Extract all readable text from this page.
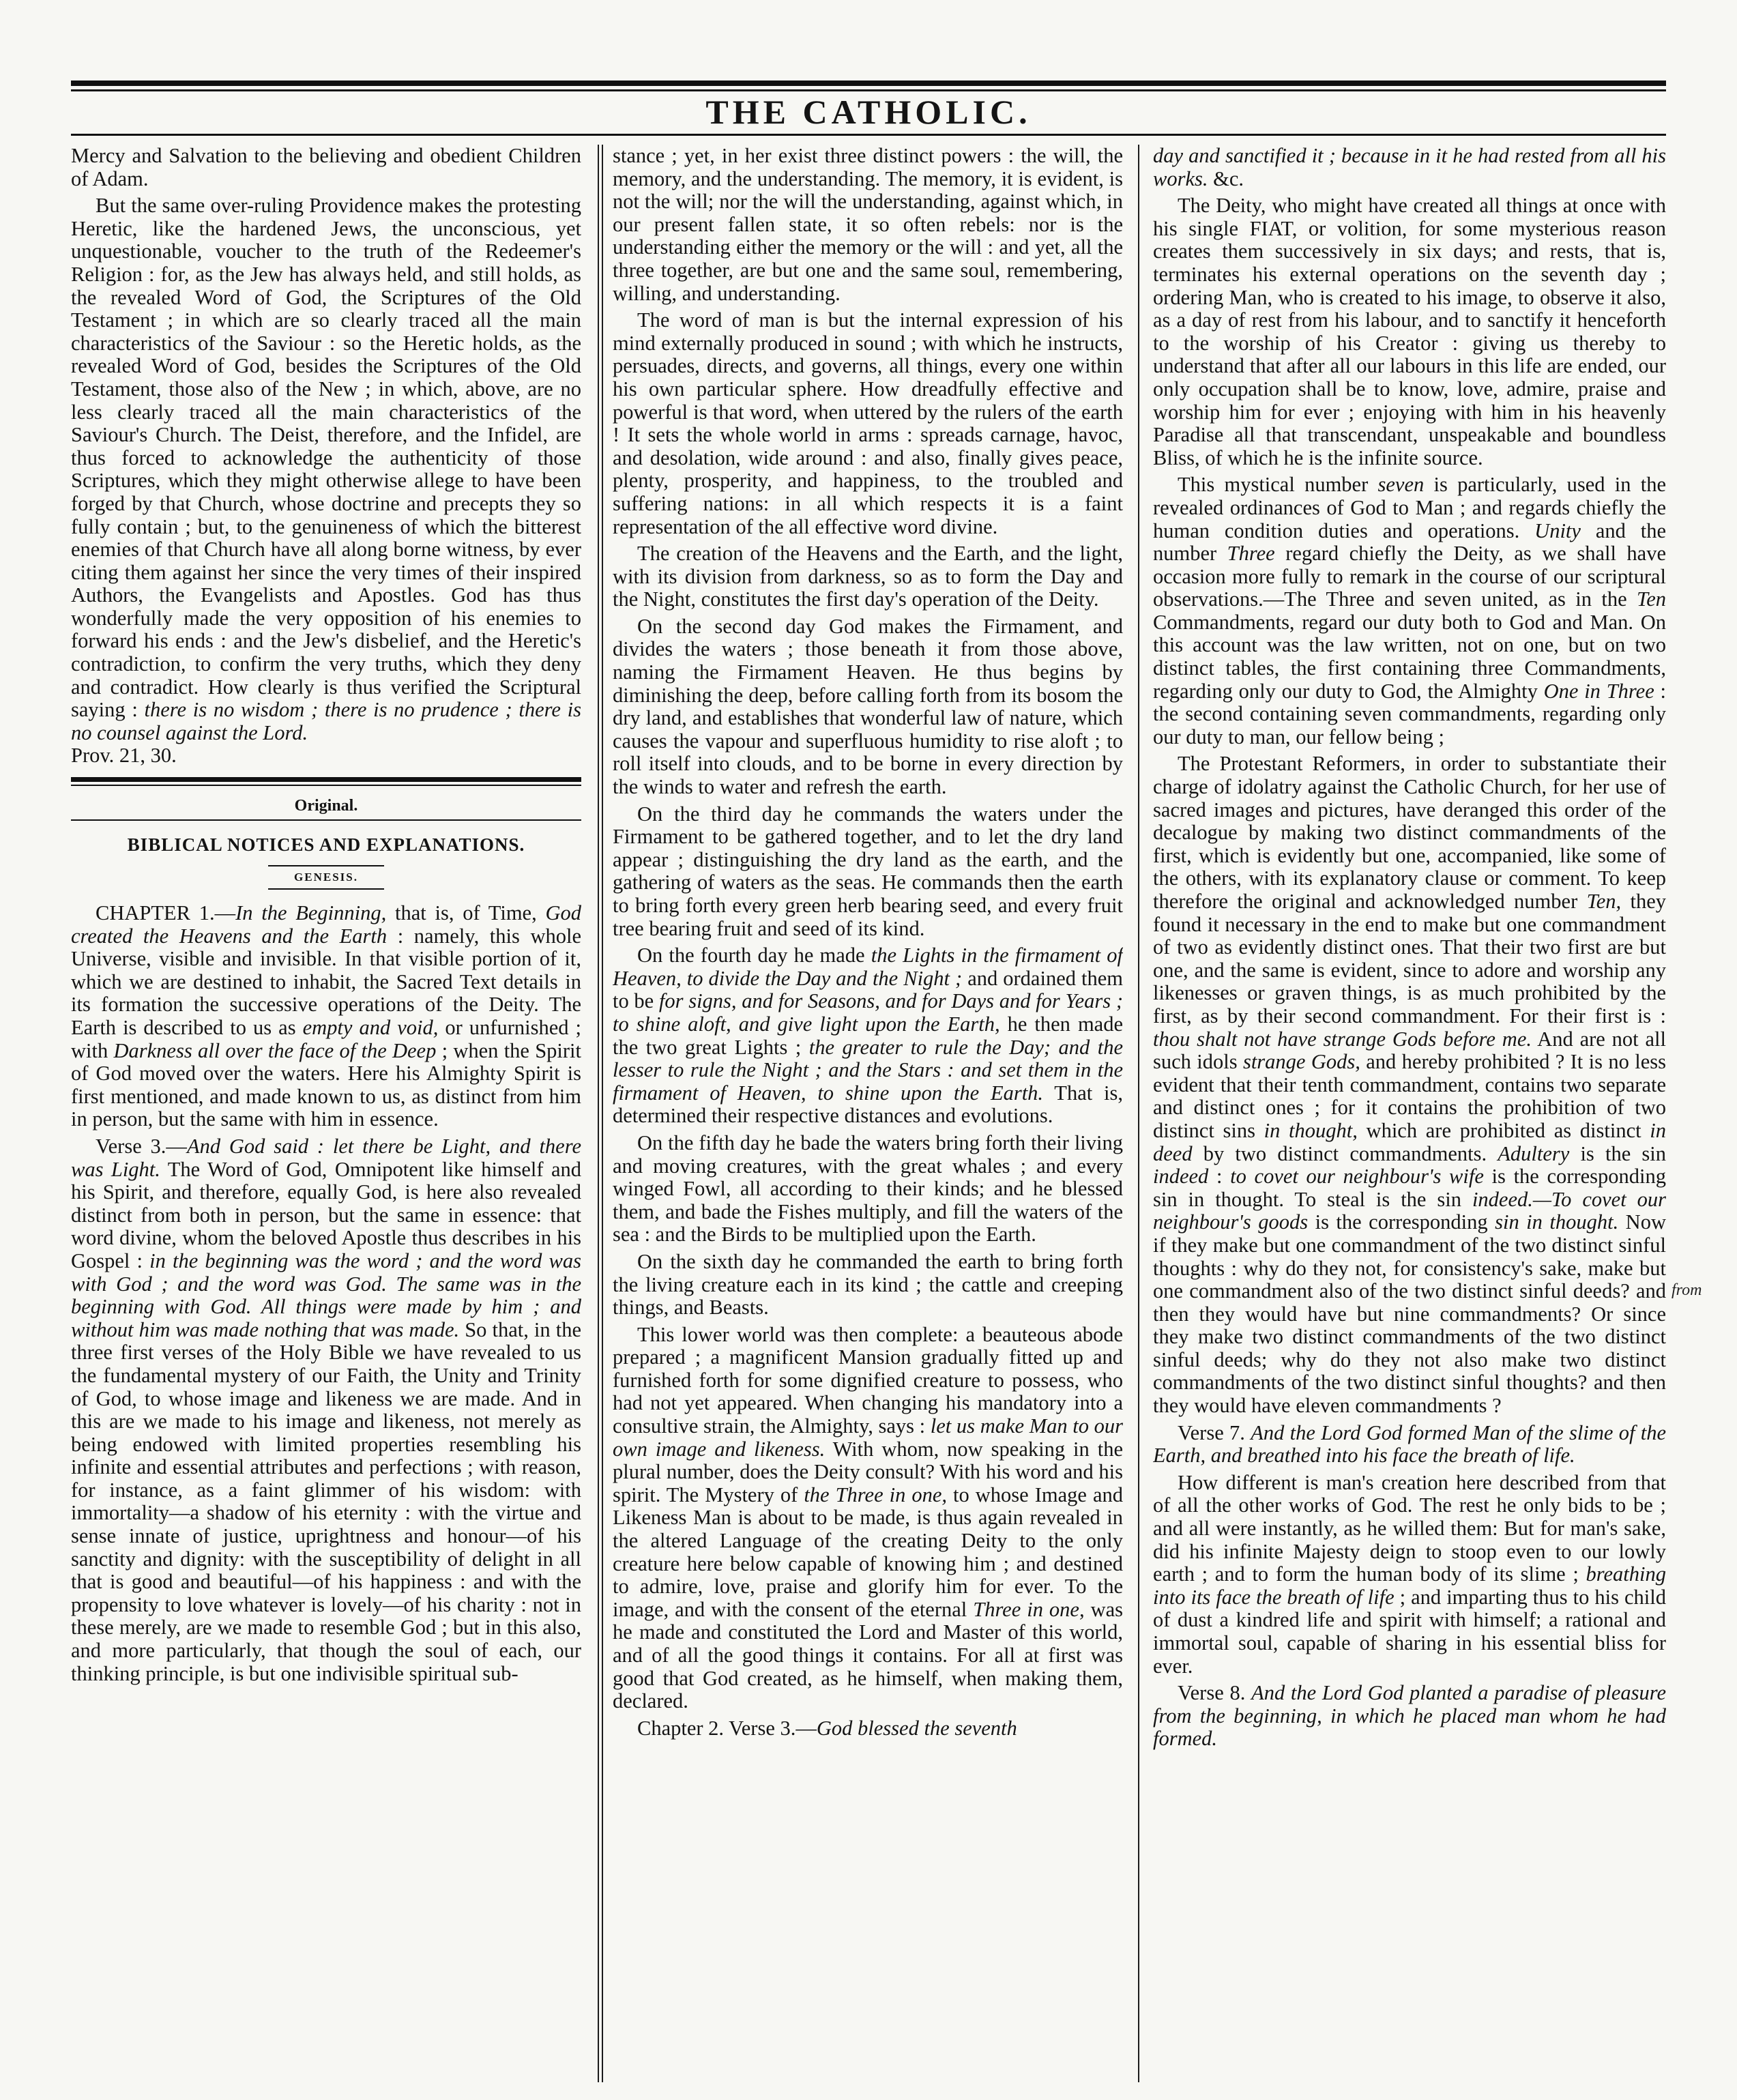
THE CATHOLIC.

Mercy and Salvation to the believing and obedient Children of Adam.

But the same over-ruling Providence makes the protesting Heretic, like the hardened Jews, the unconscious, yet unquestionable, voucher to the truth of the Redeemer's Religion : for, as the Jew has always held, and still holds, as the revealed Word of God, the Scriptures of the Old Testament ; in which are so clearly traced all the main characteristics of the Saviour : so the Heretic holds, as the revealed Word of God, besides the Scriptures of the Old Testament, those also of the New ; in which, above, are no less clearly traced all the main characteristics of the Saviour's Church. The Deist, therefore, and the Infidel, are thus forced to acknowledge the authenticity of those Scriptures, which they might otherwise allege to have been forged by that Church, whose doctrine and precepts they so fully contain ; but, to the genuineness of which the bitterest enemies of that Church have all along borne witness, by ever citing them against her since the very times of their inspired Authors, the Evangelists and Apostles. God has thus wonderfully made the very opposition of his enemies to forward his ends : and the Jew's disbelief, and the Heretic's contradiction, to confirm the very truths, which they deny and contradict. How clearly is thus verified the Scriptural saying : there is no wisdom ; there is no prudence ; there is no counsel against the Lord.
Prov. 21, 30.

Original.
BIBLICAL NOTICES AND EXPLANATIONS.
GENESIS.

CHAPTER 1.—In the Beginning, that is, of Time, God created the Heavens and the Earth : namely, this whole Universe, visible and invisible. In that visible portion of it, which we are destined to inhabit, the Sacred Text details in its formation the successive operations of the Deity. The Earth is described to us as empty and void, or unfurnished ; with Darkness all over the face of the Deep ; when the Spirit of God moved over the waters. Here his Almighty Spirit is first mentioned, and made known to us, as distinct from him in person, but the same with him in essence.

Verse 3.—And God said : let there be Light, and there was Light. The Word of God, Omnipotent like himself and his Spirit, and therefore, equally God, is here also revealed distinct from both in person, but the same in essence: that word divine, whom the beloved Apostle thus describes in his Gospel : in the beginning was the word ; and the word was with God ; and the word was God. The same was in the beginning with God. All things were made by him ; and without him was made nothing that was made. So that, in the three first verses of the Holy Bible we have revealed to us the fundamental mystery of our Faith, the Unity and Trinity of God, to whose image and likeness we are made. And in this are we made to his image and likeness, not merely as being endowed with limited properties resembling his infinite and essential attributes and perfections ; with reason, for instance, as a faint glimmer of his wisdom: with immortality—a shadow of his eternity : with the virtue and sense innate of justice, uprightness and honour—of his sanctity and dignity: with the susceptibility of delight in all that is good and beautiful—of his happiness : and with the propensity to love whatever is lovely—of his charity : not in these merely, are we made to resemble God ; but in this also, and more particularly, that though the soul of each, our thinking principle, is but one indivisible spiritual sub-

stance ; yet, in her exist three distinct powers : the will, the memory, and the understanding. The memory, it is evident, is not the will; nor the will the understanding, against which, in our present fallen state, it so often rebels: nor is the understanding either the memory or the will : and yet, all the three together, are but one and the same soul, remembering, willing, and understanding.

The word of man is but the internal expression of his mind externally produced in sound ; with which he instructs, persuades, directs, and governs, all things, every one within his own particular sphere. How dreadfully effective and powerful is that word, when uttered by the rulers of the earth ! It sets the whole world in arms : spreads carnage, havoc, and desolation, wide around : and also, finally gives peace, plenty, prosperity, and happiness, to the troubled and suffering nations: in all which respects it is a faint representation of the all effective word divine.

The creation of the Heavens and the Earth, and the light, with its division from darkness, so as to form the Day and the Night, constitutes the first day's operation of the Deity.

On the second day God makes the Firmament, and divides the waters ; those beneath it from those above, naming the Firmament Heaven. He thus begins by diminishing the deep, before calling forth from its bosom the dry land, and establishes that wonderful law of nature, which causes the vapour and superfluous humidity to rise aloft ; to roll itself into clouds, and to be borne in every direction by the winds to water and refresh the earth.

On the third day he commands the waters under the Firmament to be gathered together, and to let the dry land appear ; distinguishing the dry land as the earth, and the gathering of waters as the seas. He commands then the earth to bring forth every green herb bearing seed, and every fruit tree bearing fruit and seed of its kind.

On the fourth day he made the Lights in the firmament of Heaven, to divide the Day and the Night ; and ordained them to be for signs, and for Seasons, and for Days and for Years ; to shine aloft, and give light upon the Earth, he then made the two great Lights ; the greater to rule the Day; and the lesser to rule the Night ; and the Stars : and set them in the firmament of Heaven, to shine upon the Earth. That is, determined their respective distances and evolutions.

On the fifth day he bade the waters bring forth their living and moving creatures, with the great whales ; and every winged Fowl, all according to their kinds; and he blessed them, and bade the Fishes multiply, and fill the waters of the sea : and the Birds to be multiplied upon the Earth.

On the sixth day he commanded the earth to bring forth the living creature each in its kind ; the cattle and creeping things, and Beasts.

This lower world was then complete: a beauteous abode prepared ; a magnificent Mansion gradually fitted up and furnished forth for some dignified creature to possess, who had not yet appeared. When changing his mandatory into a consultive strain, the Almighty, says : let us make Man to our own image and likeness. With whom, now speaking in the plural number, does the Deity consult? With his word and his spirit. The Mystery of the Three in one, to whose Image and Likeness Man is about to be made, is thus again revealed in the altered Language of the creating Deity to the only creature here below capable of knowing him ; and destined to admire, love, praise and glorify him for ever. To the image, and with the consent of the eternal Three in one, was he made and constituted the Lord and Master of this world, and of all the good things it contains. For all at first was good that God created, as he himself, when making them, declared.

Chapter 2. Verse 3.—God blessed the seventh

day and sanctified it ; because in it he had rested from all his works. &c.

The Deity, who might have created all things at once with his single FIAT, or volition, for some mysterious reason creates them successively in six days; and rests, that is, terminates his external operations on the seventh day ; ordering Man, who is created to his image, to observe it also, as a day of rest from his labour, and to sanctify it henceforth to the worship of his Creator : giving us thereby to understand that after all our labours in this life are ended, our only occupation shall be to know, love, admire, praise and worship him for ever ; enjoying with him in his heavenly Paradise all that transcendant, unspeakable and boundless Bliss, of which he is the infinite source.

This mystical number seven is particularly, used in the revealed ordinances of God to Man ; and regards chiefly the human condition duties and operations. Unity and the number Three regard chiefly the Deity, as we shall have occasion more fully to remark in the course of our scriptural observations.—The Three and seven united, as in the Ten Commandments, regard our duty both to God and Man. On this account was the law written, not on one, but on two distinct tables, the first containing three Commandments, regarding only our duty to God, the Almighty One in Three : the second containing seven commandments, regarding only our duty to man, our fellow being ;

The Protestant Reformers, in order to substantiate their charge of idolatry against the Catholic Church, for her use of sacred images and pictures, have deranged this order of the decalogue by making two distinct commandments of the first, which is evidently but one, accompanied, like some of the others, with its explanatory clause or comment. To keep therefore the original and acknowledged number Ten, they found it necessary in the end to make but one commandment of two as evidently distinct ones. That their two first are but one, and the same is evident, since to adore and worship any likenesses or graven things, is as much prohibited by the first, as by their second commandment. For their first is : thou shalt not have strange Gods before me. And are not all such idols strange Gods, and hereby prohibited ? It is no less evident that their tenth commandment, contains two separate and distinct ones ; for it contains the prohibition of two distinct sins in thought, which are prohibited as distinct in deed by two distinct commandments. Adultery is the sin indeed : to covet our neighbour's wife is the corresponding sin in thought. To steal is the sin indeed.—To covet our neighbour's goods is the corresponding sin in thought. Now if they make but one commandment of the two distinct sinful thoughts : why do they not, for consistency's sake, make but one commandment also of the two distinct sinful deeds? and then they would have but nine commandments? Or since they make two distinct commandments of the two distinct sinful deeds; why do they not also make two distinct commandments of the two distinct sinful thoughts? and then they would have eleven commandments ?

Verse 7. And the Lord God formed Man of the slime of the Earth, and breathed into his face the breath of life.

How different is man's creation here described from that of all the other works of God. The rest he only bids to be ; and all were instantly, as he willed them: But for man's sake, did his infinite Majesty deign to stoop even to our lowly earth ; and to form the human body of its slime ; breathing into its face the breath of life ; and imparting thus to his child of dust a kindred life and spirit with himself; a rational and immortal soul, capable of sharing in his essential bliss for ever.

Verse 8. And the Lord God planted a paradise of pleasure from the beginning, in which he placed man whom he had formed.

from
